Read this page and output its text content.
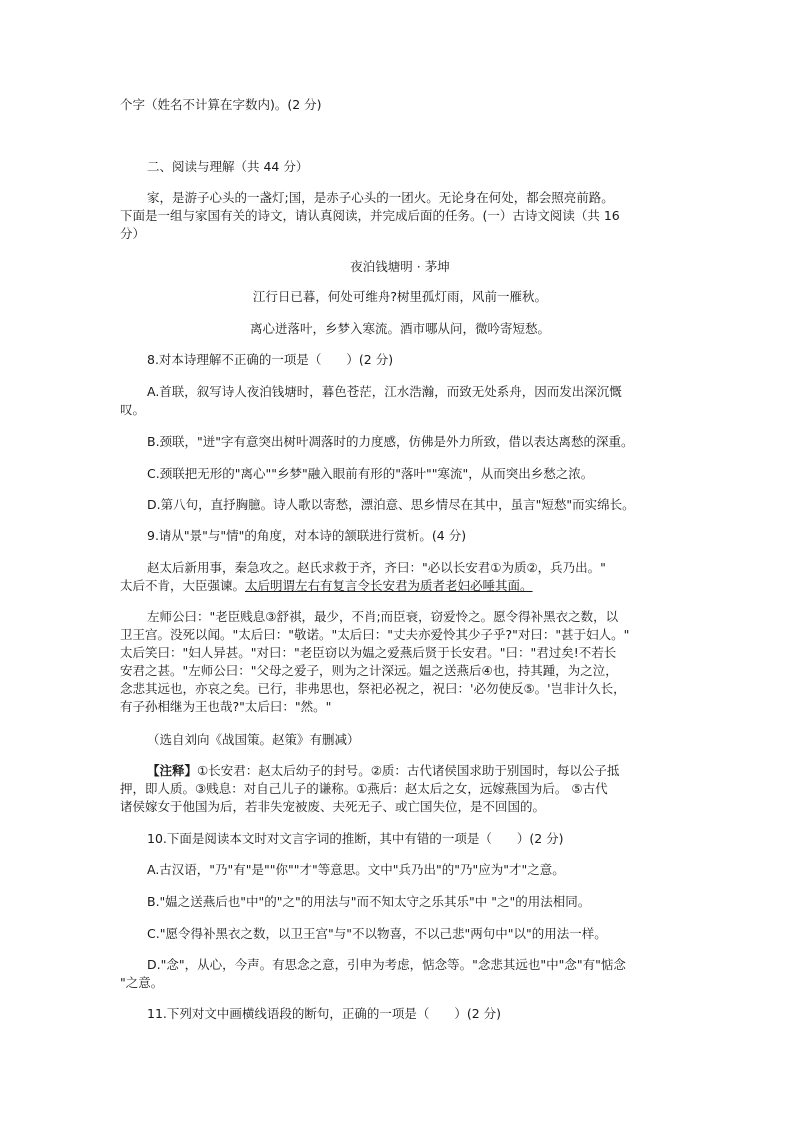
个字（姓名不计算在字数内)。(2 分)
二、阅读与理解（共 44 分）
家，是游子心头的一盏灯;国，是赤子心头的一团火。无论身在何处，都会照亮前路。
下面是一组与家国有关的诗文，请认真阅读，并完成后面的任务。(一）古诗文阅读（共 16
分）
夜泊钱塘明 · 茅坤
江行日已暮，何处可维舟?树里孤灯雨，风前一雁秋。
离心迸落叶，乡梦入寒流。酒市哪从问，微吟寄短愁。
8.对本诗理解不正确的一项是（　　）(2 分)
A.首联，叙写诗人夜泊钱塘时，暮色苍茫，江水浩瀚，而致无处系舟，因而发出深沉慨
叹。
B.颈联，"迸"字有意突出树叶凋落时的力度感，仿佛是外力所致，借以表达离愁的深重。
C.颈联把无形的"离心""乡梦"融入眼前有形的"落叶""寒流"，从而突出乡愁之浓。
D.第八句，直抒胸臆。诗人歌以寄愁，漂泊意、思乡情尽在其中，虽言"短愁"而实绵长。
9.请从"景"与"情"的角度，对本诗的颔联进行赏析。(4 分)
赵太后新用事，秦急攻之。赵氏求救于齐，齐曰："必以长安君①为质②，兵乃出。"
太后不肯，大臣强谏。太后明谓左右有复言令长安君为质者老妇必唾其面。
左师公曰："老臣贱息③舒祺，最少，不肖;而臣衰，窃爱怜之。愿令得补黑衣之数，以
卫王宫。没死以闻。"太后曰："敬诺。"太后曰："丈夫亦爱怜其少子乎?"对曰："甚于妇人。"
太后笑曰："妇人异甚。"对曰："老臣窃以为媪之爱燕后贤于长安君。"曰："君过矣!不若长
安君之甚。"左师公曰："父母之爱子，则为之计深远。媪之送燕后④也，持其踵，为之泣，
念悲其远也，亦哀之矣。已行，非弗思也，祭祀必祝之，祝曰：'必勿使反⑤。'岂非计久长，
有子孙相继为王也哉?"太后曰："然。"
（选自刘向《战国策。赵策》有删减）
【注释】①长安君：赵太后幼子的封号。②质：古代诸侯国求助于别国时，每以公子抵
押，即人质。③贱息：对自己儿子的谦称。①燕后：赵太后之女，远嫁燕国为后。 ⑤古代
诸侯嫁女于他国为后，若非失宠被废、夫死无子、或亡国失位，是不回国的。
10.下面是阅读本文时对文言字词的推断，其中有错的一项是（　　）(2 分)
A.古汉语，"乃"有"是""你""才"等意思。文中"兵乃出"的"乃"应为"才"之意。
B."媪之送燕后也"中"的"之"的用法与"而不知太守之乐其乐"中 "之"的用法相同。
C."愿令得补黑衣之数，以卫王宫"与"不以物喜，不以己悲"两句中"以"的用法一样。
D."念"，从心，今声。有思念之意，引申为考虑，惦念等。"念悲其远也"中"念"有"惦念
"之意。
11.下列对文中画横线语段的断句，正确的一项是（　　）(2 分)
